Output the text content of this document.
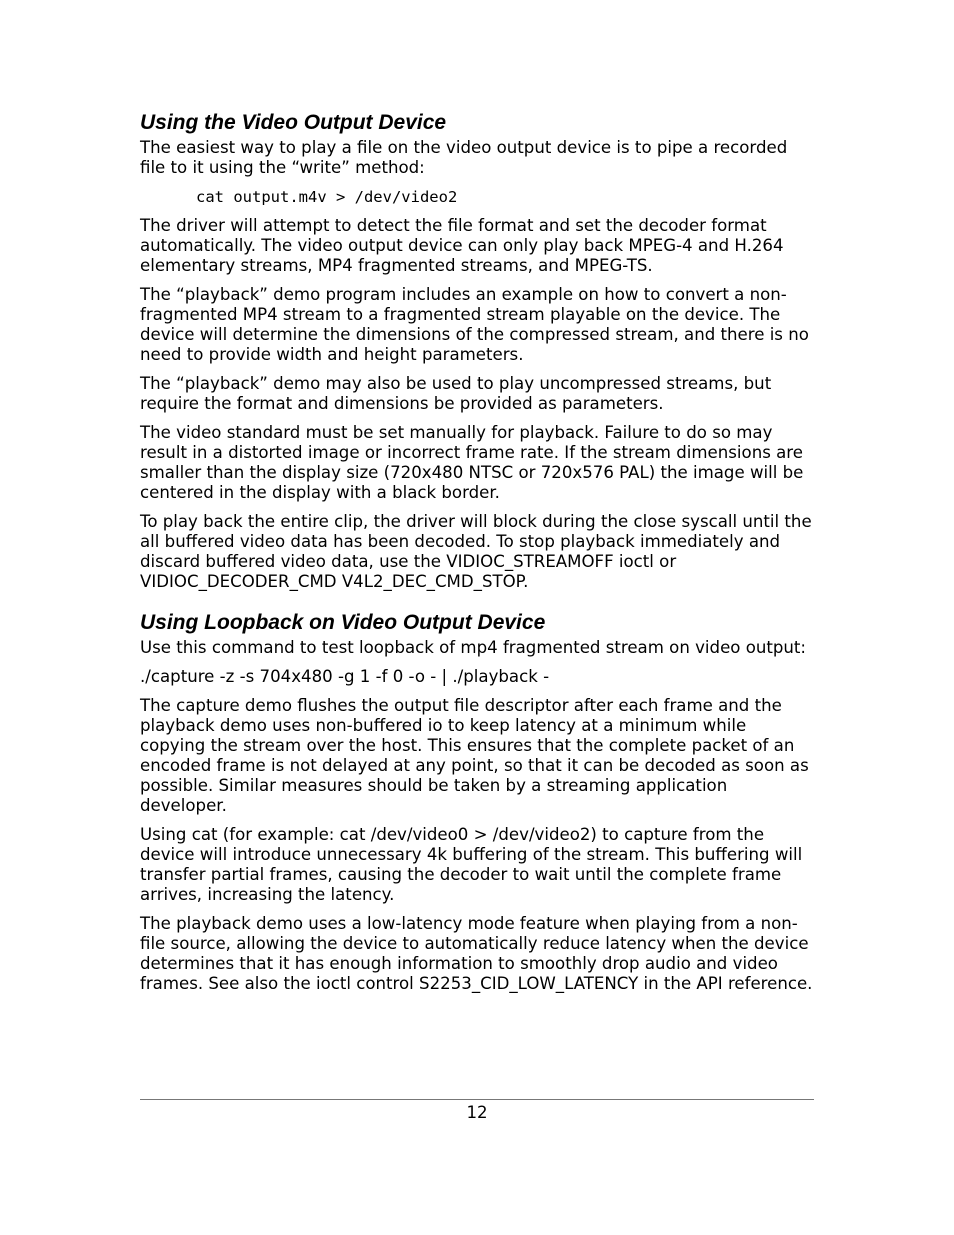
Using the Video Output Device

The easiest way to play a file on the video output device is to pipe a recorded file to it using the “write” method:

cat output.m4v > /dev/video2

The driver will attempt to detect the file format and set the decoder format automatically. The video output device can only play back MPEG-4 and H.264 elementary streams, MP4 fragmented streams, and MPEG-TS.

The “playback” demo program includes an example on how to convert a non-fragmented MP4 stream to a fragmented stream playable on the device. The device will determine the dimensions of the compressed stream, and there is no need to provide width and height parameters.

The “playback” demo may also be used to play uncompressed streams, but require the format and dimensions be provided as parameters.

The video standard must be set manually for playback. Failure to do so may result in a distorted image or incorrect frame rate. If the stream dimensions are smaller than the display size (720x480 NTSC or 720x576 PAL) the image will be centered in the display with a black border.

To play back the entire clip, the driver will block during the close syscall until the all buffered video data has been decoded. To stop playback immediately and discard buffered video data, use the VIDIOC_STREAMOFF ioctl or VIDIOC_DECODER_CMD V4L2_DEC_CMD_STOP.

Using Loopback on Video Output Device

Use this command to test loopback of mp4 fragmented stream on video output:

./capture -z -s 704x480 -g 1 -f 0 -o - | ./playback -

The capture demo flushes the output file descriptor after each frame and the playback demo uses non-buffered io to keep latency at a minimum while copying the stream over the host. This ensures that the complete packet of an encoded frame is not delayed at any point, so that it can be decoded as soon as possible. Similar measures should be taken by a streaming application developer.

Using cat (for example: cat /dev/video0 > /dev/video2) to capture from the device will introduce unnecessary 4k buffering of the stream. This buffering will transfer partial frames, causing the decoder to wait until the complete frame arrives, increasing the latency.

The playback demo uses a low-latency mode feature when playing from a non-file source, allowing the device to automatically reduce latency when the device determines that it has enough information to smoothly drop audio and video frames. See also the ioctl control S2253_CID_LOW_LATENCY in the API reference.

12
